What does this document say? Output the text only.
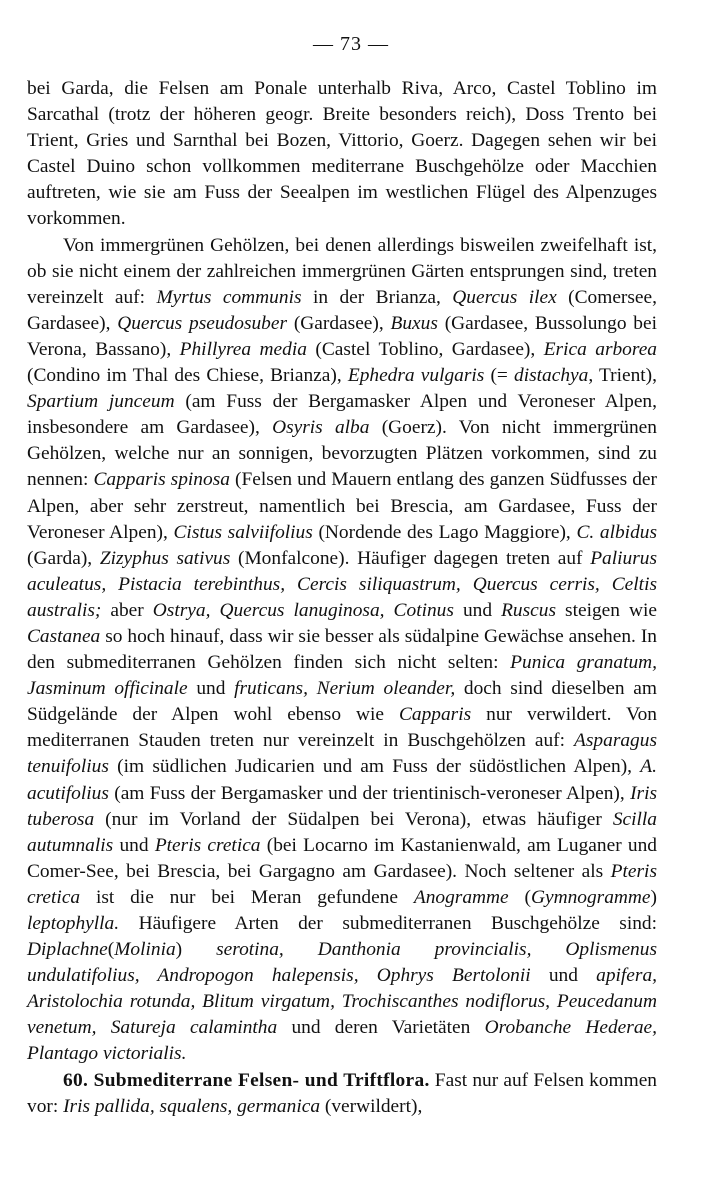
— 73 —

bei Garda, die Felsen am Ponale unterhalb Riva, Arco, Castel Toblino im Sarcathal (trotz der höheren geogr. Breite besonders reich), Doss Trento bei Trient, Gries und Sarnthal bei Bozen, Vittorio, Goerz. Dagegen sehen wir bei Castel Duino schon vollkommen mediterrane Buschgehölze oder Macchien auftreten, wie sie am Fuss der Seealpen im westlichen Flügel des Alpenzuges vorkommen.

Von immergrünen Gehölzen, bei denen allerdings bisweilen zweifelhaft ist, ob sie nicht einem der zahlreichen immergrünen Gärten entsprungen sind, treten vereinzelt auf: Myrtus communis in der Brianza, Quercus ilex (Comersee, Gardasee), Quercus pseudosuber (Gardasee), Buxus (Gardasee, Bussolungo bei Verona, Bassano), Phillyrea media (Castel Toblino, Gardasee), Erica arborea (Condino im Thal des Chiese, Brianza), Ephedra vulgaris (= distachya, Trient), Spartium junceum (am Fuss der Bergamasker Alpen und Veroneser Alpen, insbesondere am Gardasee), Osyris alba (Goerz). Von nicht immergrünen Gehölzen, welche nur an sonnigen, bevorzugten Plätzen vorkommen, sind zu nennen: Capparis spinosa (Felsen und Mauern entlang des ganzen Südfusses der Alpen, aber sehr zerstreut, namentlich bei Brescia, am Gardasee, Fuss der Veroneser Alpen), Cistus salviifolius (Nordende des Lago Maggiore), C. albidus (Garda), Zizyphus sativus (Monfalcone). Häufiger dagegen treten auf Paliurus aculeatus, Pistacia terebinthus, Cercis siliquastrum, Quercus cerris, Celtis australis; aber Ostrya, Quercus lanuginosa, Cotinus und Ruscus steigen wie Castanea so hoch hinauf, dass wir sie besser als südalpine Gewächse ansehen. In den submediterranen Gehölzen finden sich nicht selten: Punica granatum, Jasminum officinale und fruticans, Nerium oleander, doch sind dieselben am Südgelände der Alpen wohl ebenso wie Capparis nur verwildert. Von mediterranen Stauden treten nur vereinzelt in Buschgehölzen auf: Asparagus tenuifolius (im südlichen Judicarien und am Fuss der südöstlichen Alpen), A. acutifolius (am Fuss der Bergamasker und der trientinisch-veroneser Alpen), Iris tuberosa (nur im Vorland der Südalpen bei Verona), etwas häufiger Scilla autumnalis und Pteris cretica (bei Locarno im Kastanienwald, am Luganer und Comer-See, bei Brescia, bei Gargagno am Gardasee). Noch seltener als Pteris cretica ist die nur bei Meran gefundene Anogramme (Gymnogramme) leptophylla. Häufigere Arten der submediterranen Buschgehölze sind: Diplachne(Molinia) serotina, Danthonia provincialis, Oplismenus undulatifolius, Andropogon halepensis, Ophrys Bertolonii und apifera, Aristolochia rotunda, Blitum virgatum, Trochiscanthes nodiflorus, Peucedanum venetum, Satureja calamintha und deren Varietäten Orobanche Hederae, Plantago victorialis.

60. Submediterrane Felsen- und Triftflora. Fast nur auf Felsen kommen vor: Iris pallida, squalens, germanica (verwildert),
